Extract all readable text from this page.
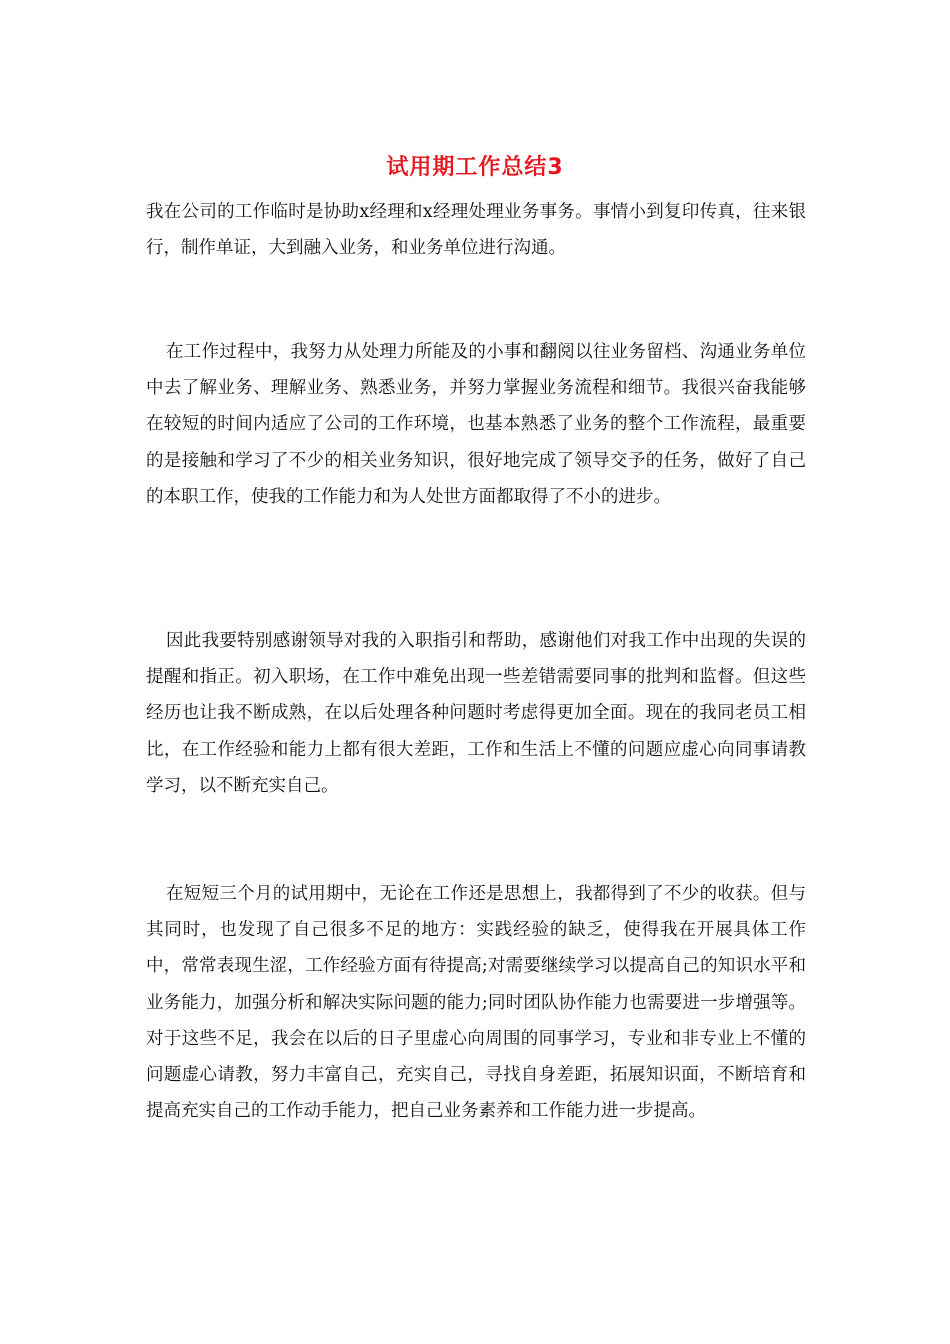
试用期工作总结3

我在公司的工作临时是协助x经理和x经理处理业务事务。事情小到复印传真，往来银行，制作单证，大到融入业务，和业务单位进行沟通。

在工作过程中，我努力从处理力所能及的小事和翻阅以往业务留档、沟通业务单位中去了解业务、理解业务、熟悉业务，并努力掌握业务流程和细节。我很兴奋我能够在较短的时间内适应了公司的工作环境，也基本熟悉了业务的整个工作流程，最重要的是接触和学习了不少的相关业务知识，很好地完成了领导交予的任务，做好了自己的本职工作，使我的工作能力和为人处世方面都取得了不小的进步。

因此我要特别感谢领导对我的入职指引和帮助，感谢他们对我工作中出现的失误的提醒和指正。初入职场，在工作中难免出现一些差错需要同事的批判和监督。但这些经历也让我不断成熟，在以后处理各种问题时考虑得更加全面。现在的我同老员工相比，在工作经验和能力上都有很大差距，工作和生活上不懂的问题应虚心向同事请教学习，以不断充实自己。

在短短三个月的试用期中，无论在工作还是思想上，我都得到了不少的收获。但与其同时，也发现了自己很多不足的地方：实践经验的缺乏，使得我在开展具体工作中，常常表现生涩，工作经验方面有待提高;对需要继续学习以提高自己的知识水平和业务能力，加强分析和解决实际问题的能力;同时团队协作能力也需要进一步增强等。对于这些不足，我会在以后的日子里虚心向周围的同事学习，专业和非专业上不懂的问题虚心请教，努力丰富自己，充实自己，寻找自身差距，拓展知识面，不断培育和提高充实自己的工作动手能力，把自己业务素养和工作能力进一步提高。
